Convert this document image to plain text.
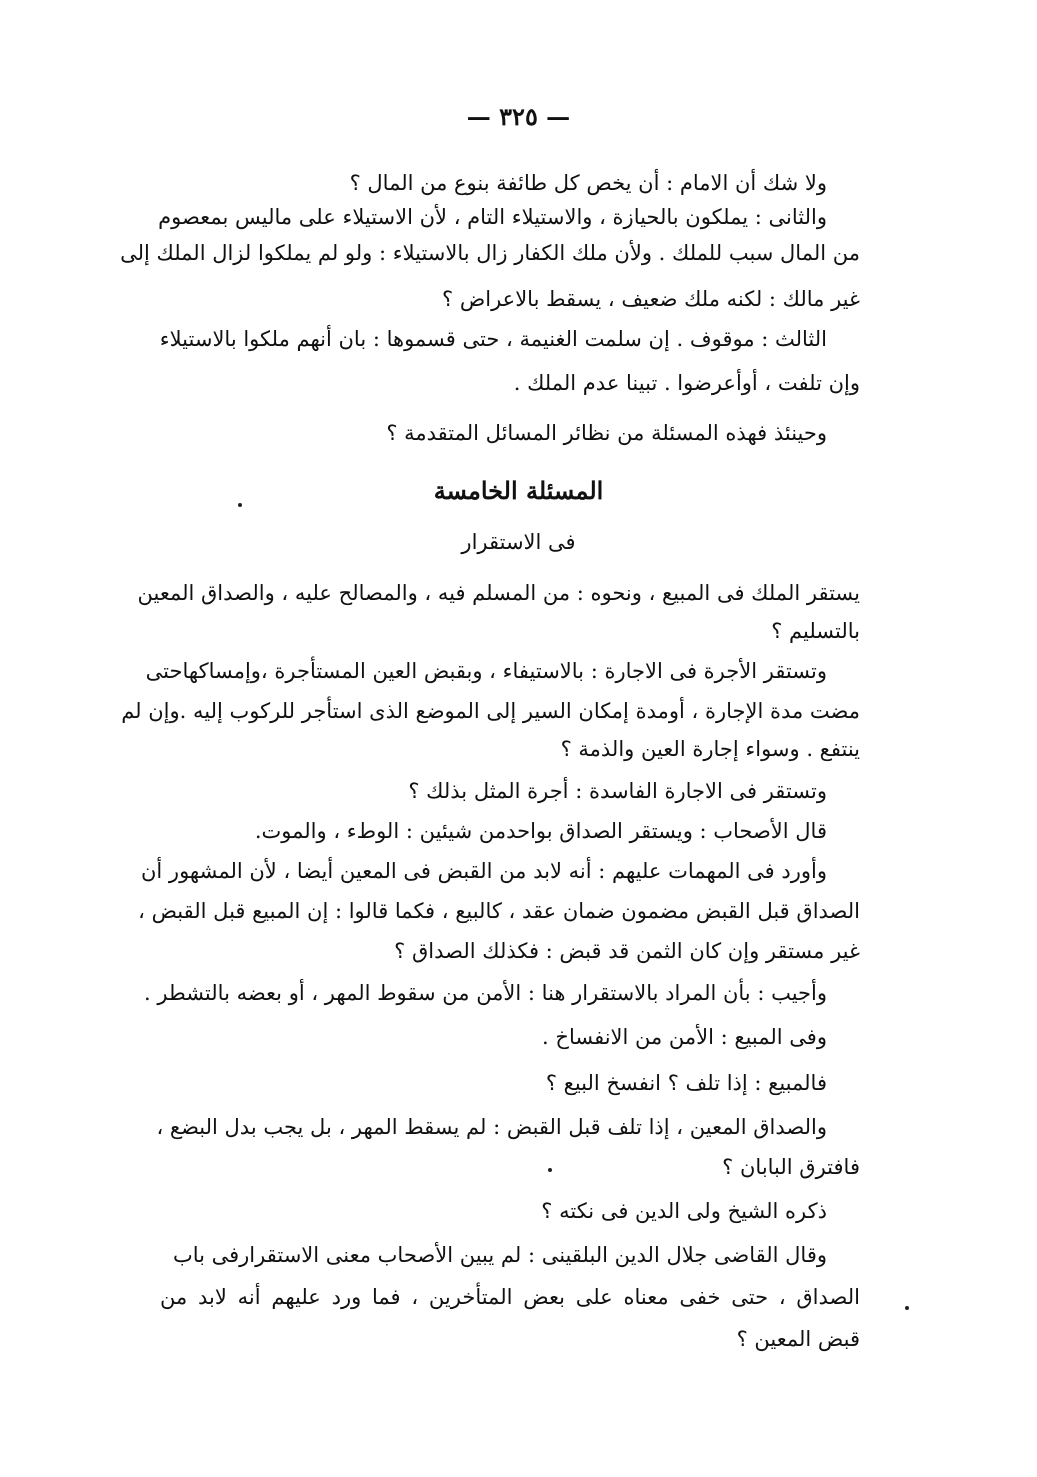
— ٣٢٥ —
ولا شك أن الامام : أن يخص كل طائفة بنوع من المال ؟
والثانى : يملكون بالحيازة ، والاستيلاء التام ، لأن الاستيلاء على ماليس بمعصوم
من المال سبب للملك . ولأن ملك الكفار زال بالاستيلاء : ولو لم يملكوا لزال الملك إلى
غير مالك : لكنه ملك ضعيف ، يسقط بالاعراض ؟
الثالث : موقوف . إن سلمت الغنيمة ، حتى قسموها : بان أنهم ملكوا بالاستيلاء
وإن تلفت ، أوأعرضوا . تبينا عدم الملك .
وحينئذ فهذه المسئلة من نظائر المسائل المتقدمة ؟
المسئلة الخامسة
فى الاستقرار
يستقر الملك فى المبيع ، ونحوه : من المسلم فيه ، والمصالح عليه ، والصداق المعين
بالتسليم ؟
وتستقر الأجرة فى الاجارة : بالاستيفاء ، وبقبض العين المستأجرة ،وإمساكهاحتى
مضت مدة الإجارة ، أومدة إمكان السير إلى الموضع الذى استأجر للركوب إليه .وإن لم
ينتفع . وسواء إجارة العين والذمة ؟
وتستقر فى الاجارة الفاسدة : أجرة المثل بذلك ؟
قال الأصحاب : ويستقر الصداق بواحدمن شيئين : الوطء ، والموت.
وأورد فى المهمات عليهم : أنه لابد من القبض فى المعين أيضا ، لأن المشهور أن
الصداق قبل القبض مضمون ضمان عقد ، كالبيع ، فكما قالوا : إن المبيع قبل القبض ،
غير مستقر وإن كان الثمن قد قبض : فكذلك الصداق ؟
وأجيب : بأن المراد بالاستقرار هنا : الأمن من سقوط المهر ، أو بعضه بالتشطر .
وفى المبيع : الأمن من الانفساخ .
فالمبيع : إذا تلف ؟ انفسخ البيع ؟
والصداق المعين ، إذا تلف قبل القبض : لم يسقط المهر ، بل يجب بدل البضع ،
فافترق البابان ؟
ذكره الشيخ ولى الدين فى نكته ؟
وقال القاضى جلال الدين البلقينى : لم يبين الأصحاب معنى الاستقرارفى باب
الصداق ، حتى خفى معناه على بعض المتأخرين ، فما ورد عليهم أنه لابد من
قبض المعين ؟
